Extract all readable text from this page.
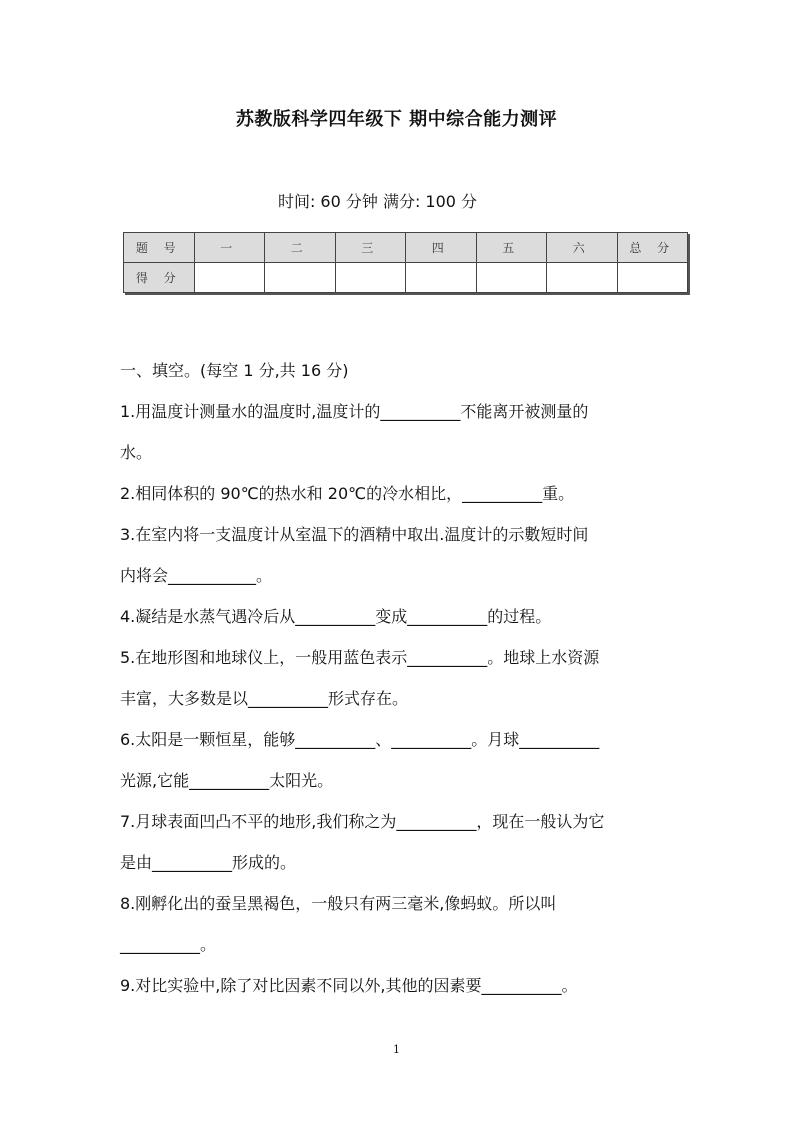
苏教版科学四年级下 期中综合能力测评
时间: 60 分钟 满分: 100 分
题 号	一	二	三	四	五	六	总 分
得 分							
一、填空。(每空 1 分,共 16 分)
1.用温度计测量水的温度时,温度计的__________不能离开被测量的
水。
2.相同体积的 90℃的热水和 20℃的冷水相比，__________重。
3.在室内将一支温度计从室温下的酒精中取出.温度计的示數短时间
内将会___________。
4.凝结是水蒸气遇冷后从__________变成__________的过程。
5.在地形图和地球仪上，一般用蓝色表示__________。地球上水资源
丰富，大多数是以__________形式存在。
6.太阳是一颗恒星，能够__________、__________。月球__________
光源,它能__________太阳光。
7.月球表面凹凸不平的地形,我们称之为__________，现在一般认为它
是由__________形成的。
8.刚孵化出的蚕呈黑褐色，一般只有两三毫米,像蚂蚁。所以叫
__________。
9.对比实验中,除了对比因素不同以外,其他的因素要__________。
1
